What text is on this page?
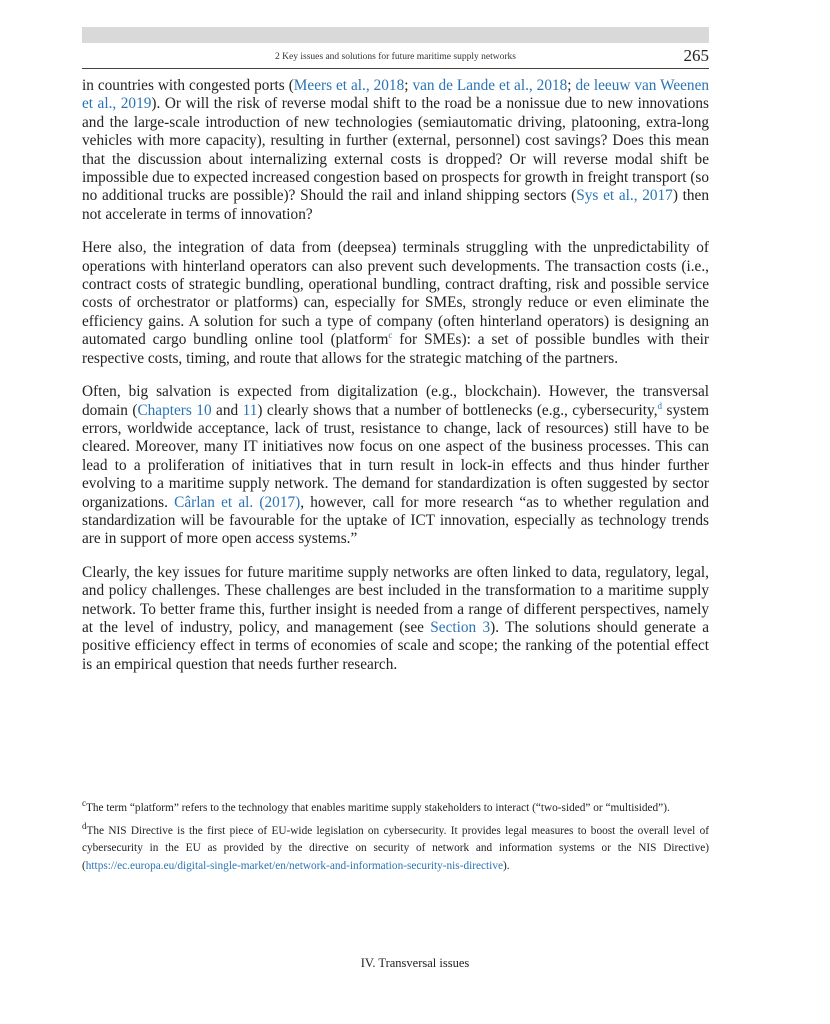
2 Key issues and solutions for future maritime supply networks	265

in countries with congested ports (Meers et al., 2018; van de Lande et al., 2018; de leeuw van Weenen et al., 2019). Or will the risk of reverse modal shift to the road be a nonissue due to new innovations and the large-scale introduction of new technologies (semiautomatic driving, platooning, extra-long vehicles with more capacity), resulting in further (external, personnel) cost savings? Does this mean that the discussion about internalizing external costs is dropped? Or will reverse modal shift be impossible due to expected increased congestion based on prospects for growth in freight transport (so no additional trucks are possible)? Should the rail and inland shipping sectors (Sys et al., 2017) then not accelerate in terms of innovation?

Here also, the integration of data from (deepsea) terminals struggling with the unpredictability of operations with hinterland operators can also prevent such developments. The transaction costs (i.e., contract costs of strategic bundling, operational bundling, contract drafting, risk and possible service costs of orchestrator or platforms) can, especially for SMEs, strongly reduce or even eliminate the efficiency gains. A solution for such a type of company (often hinterland operators) is designing an automated cargo bundling online tool (platform$^c$ for SMEs): a set of possible bundles with their respective costs, timing, and route that allows for the strategic matching of the partners.

Often, big salvation is expected from digitalization (e.g., blockchain). However, the transversal domain (Chapters 10 and 11) clearly shows that a number of bottlenecks (e.g., cybersecurity,$^d$ system errors, worldwide acceptance, lack of trust, resistance to change, lack of resources) still have to be cleared. Moreover, many IT initiatives now focus on one aspect of the business processes. This can lead to a proliferation of initiatives that in turn result in lock-in effects and thus hinder further evolving to a maritime supply network. The demand for standardization is often suggested by sector organizations. Cârlan et al. (2017), however, call for more research “as to whether regulation and standardization will be favourable for the uptake of ICT innovation, especially as technology trends are in support of more open access systems.”

Clearly, the key issues for future maritime supply networks are often linked to data, regulatory, legal, and policy challenges. These challenges are best included in the transformation to a maritime supply network. To better frame this, further insight is needed from a range of different perspectives, namely at the level of industry, policy, and management (see Section 3). The solutions should generate a positive efficiency effect in terms of economies of scale and scope; the ranking of the potential effect is an empirical question that needs further research.

$^c$The term “platform” refers to the technology that enables maritime supply stakeholders to interact (“two-sided” or “multisided”).

$^d$The NIS Directive is the first piece of EU-wide legislation on cybersecurity. It provides legal measures to boost the overall level of cybersecurity in the EU as provided by the directive on security of network and information systems or the NIS Directive) (https://ec.europa.eu/digital-single-market/en/network-and-information-security-nis-directive).

IV. Transversal issues
